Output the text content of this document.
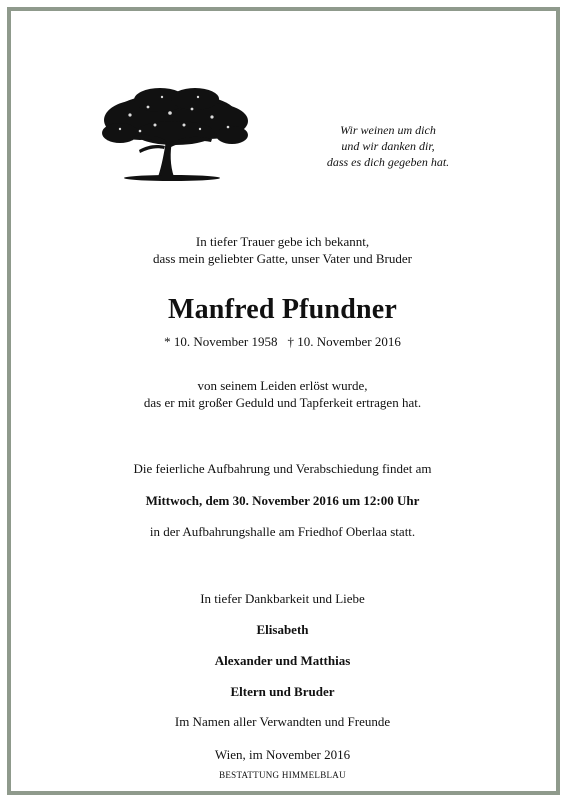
Wir weinen um dich
und wir danken dir,
dass es dich gegeben hat.
In tiefer Trauer gebe ich bekannt,
dass mein geliebter Gatte, unser Vater und Bruder
Manfred Pfundner
* 10. November 1958 † 10. November 2016
von seinem Leiden erlöst wurde,
das er mit großer Geduld und Tapferkeit ertragen hat.
Die feierliche Aufbahrung und Verabschiedung findet am
Mittwoch, dem 30. November 2016 um 12:00 Uhr
in der Aufbahrungshalle am Friedhof Oberlaa statt.
In tiefer Dankbarkeit und Liebe
Elisabeth
Alexander und Matthias
Eltern und Bruder
Im Namen aller Verwandten und Freunde
Wien, im November 2016
BESTATTUNG HIMMELBLAU
